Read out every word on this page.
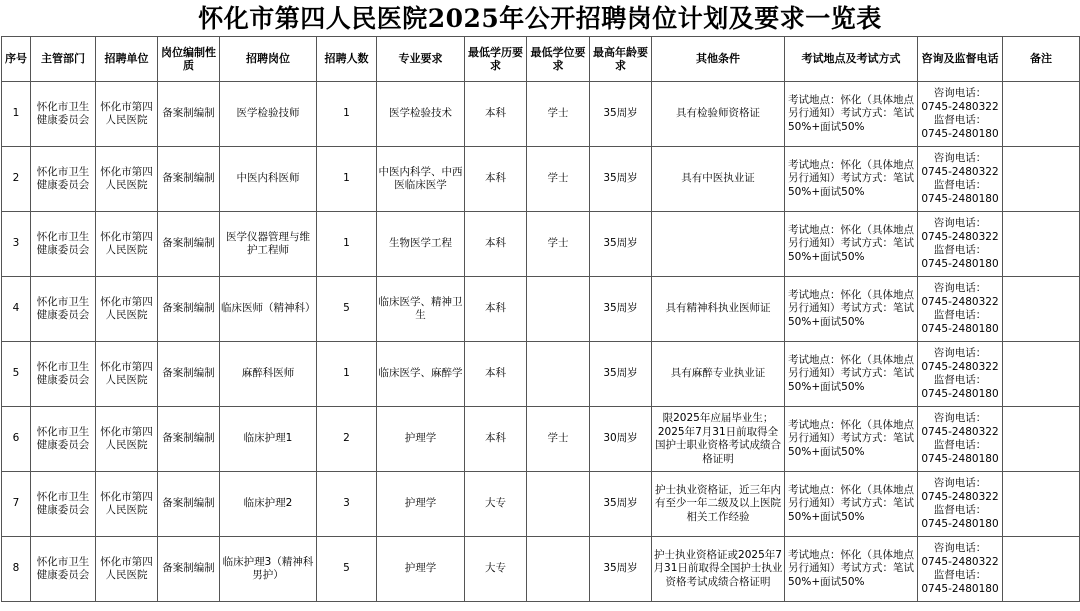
怀化市第四人民医院2025年公开招聘岗位计划及要求一览表
序号	主管部门	招聘单位	岗位编制性质	招聘岗位	招聘人数	专业要求	最低学历要求	最低学位要求	最高年龄要求	其他条件	考试地点及考试方式	咨询及监督电话	备注
1	怀化市卫生健康委员会	怀化市第四人民医院	备案制编制	医学检验技师	1	医学检验技术	本科	学士	35周岁	具有检验师资格证	考试地点：怀化（具体地点另行通知）考试方式：笔试50%+面试50%	咨询电话：
0745-2480322
监督电话：
0745-2480180	
2	怀化市卫生健康委员会	怀化市第四人民医院	备案制编制	中医内科医师	1	中医内科学、中西医临床医学	本科	学士	35周岁	具有中医执业证	考试地点：怀化（具体地点另行通知）考试方式：笔试50%+面试50%	咨询电话：
0745-2480322
监督电话：
0745-2480180	
3	怀化市卫生健康委员会	怀化市第四人民医院	备案制编制	医学仪器管理与维护工程师	1	生物医学工程	本科	学士	35周岁		考试地点：怀化（具体地点另行通知）考试方式：笔试50%+面试50%	咨询电话：
0745-2480322
监督电话：
0745-2480180	
4	怀化市卫生健康委员会	怀化市第四人民医院	备案制编制	临床医师（精神科）	5	临床医学、精神卫生	本科		35周岁	具有精神科执业医师证	考试地点：怀化（具体地点另行通知）考试方式：笔试50%+面试50%	咨询电话：
0745-2480322
监督电话：
0745-2480180	
5	怀化市卫生健康委员会	怀化市第四人民医院	备案制编制	麻醉科医师	1	临床医学、麻醉学	本科		35周岁	具有麻醉专业执业证	考试地点：怀化（具体地点另行通知）考试方式：笔试50%+面试50%	咨询电话：
0745-2480322
监督电话：
0745-2480180	
6	怀化市卫生健康委员会	怀化市第四人民医院	备案制编制	临床护理1	2	护理学	本科	学士	30周岁	限2025年应届毕业生；2025年7月31日前取得全国护士职业资格考试成绩合格证明	考试地点：怀化（具体地点另行通知）考试方式：笔试50%+面试50%	咨询电话：
0745-2480322
监督电话：
0745-2480180	
7	怀化市卫生健康委员会	怀化市第四人民医院	备案制编制	临床护理2	3	护理学	大专		35周岁	护士执业资格证，近三年内有至少一年二级及以上医院相关工作经验	考试地点：怀化（具体地点另行通知）考试方式：笔试50%+面试50%	咨询电话：
0745-2480322
监督电话：
0745-2480180	
8	怀化市卫生健康委员会	怀化市第四人民医院	备案制编制	临床护理3（精神科男护）	5	护理学	大专		35周岁	护士执业资格证或2025年7月31日前取得全国护士执业资格考试成绩合格证明	考试地点：怀化（具体地点另行通知）考试方式：笔试50%+面试50%	咨询电话：
0745-2480322
监督电话：
0745-2480180	
